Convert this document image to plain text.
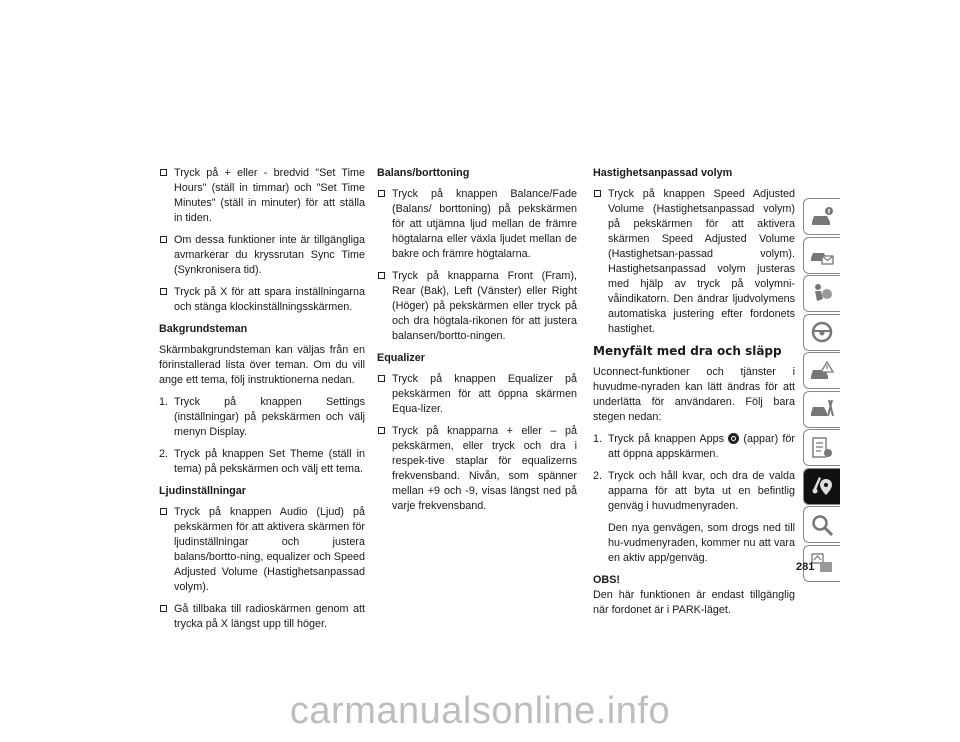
Tryck på + eller - bredvid "Set Time Hours" (ställ in timmar) och "Set Time Minutes" (ställ in minuter) för att ställa in tiden.
Om dessa funktioner inte är tillgängliga avmarkerar du kryssrutan Sync Time (Synkronisera tid).
Tryck på X för att spara inställningarna och stänga klockinställningsskärmen.
Bakgrundsteman
Skärmbakgrundsteman kan väljas från en förinstallerad lista över teman. Om du vill ange ett tema, följ instruktionerna nedan.
1. Tryck på knappen Settings (inställningar) på pekskärmen och välj menyn Display.
2. Tryck på knappen Set Theme (ställ in tema) på pekskärmen och välj ett tema.
Ljudinställningar
Tryck på knappen Audio (Ljud) på pekskärmen för att aktivera skärmen för ljudinställningar och justera balans/bortto-ning, equalizer och Speed Adjusted Volume (Hastighetsanpassad volym).
Gå tillbaka till radioskärmen genom att trycka på X längst upp till höger.
Balans/borttoning
Tryck på knappen Balance/Fade (Balans/ borttoning) på pekskärmen för att utjämna ljud mellan de främre högtalarna eller växla ljudet mellan de bakre och främre högtalarna.
Tryck på knapparna Front (Fram), Rear (Bak), Left (Vänster) eller Right (Höger) på pekskärmen eller tryck på och dra högtala-rikonen för att justera balansen/bortto-ningen.
Equalizer
Tryck på knappen Equalizer på pekskärmen för att öppna skärmen Equa-lizer.
Tryck på knapparna + eller – på pekskärmen, eller tryck och dra i respek-tive staplar för equalizerns frekvensband. Nivån, som spänner mellan +9 och -9, visas längst ned på varje frekvensband.
Hastighetsanpassad volym
Tryck på knappen Speed Adjusted Volume (Hastighetsanpassad volym) på pekskärmen för att aktivera skärmen Speed Adjusted Volume (Hastighetsan-passad volym). Hastighetsanpassad volym justeras med hjälp av tryck på volymni-våindikatorn. Den ändrar ljudvolymens automatiska justering efter fordonets hastighet.
Menyfält med dra och släpp
Uconnect-funktioner och tjänster i huvudme-nyraden kan lätt ändras för att underlätta för användaren. Följ bara stegen nedan:
1. Tryck på knappen Apps (appar) för att öppna appskärmen.
2. Tryck och håll kvar, och dra de valda apparna för att byta ut en befintlig genväg i huvudmenyraden.
Den nya genvägen, som drogs ned till hu-vudmenyraden, kommer nu att vara en aktiv app/genväg.
OBS!
Den här funktionen är endast tillgänglig när fordonet är i PARK-läget.
281
carmanualsonline.info
